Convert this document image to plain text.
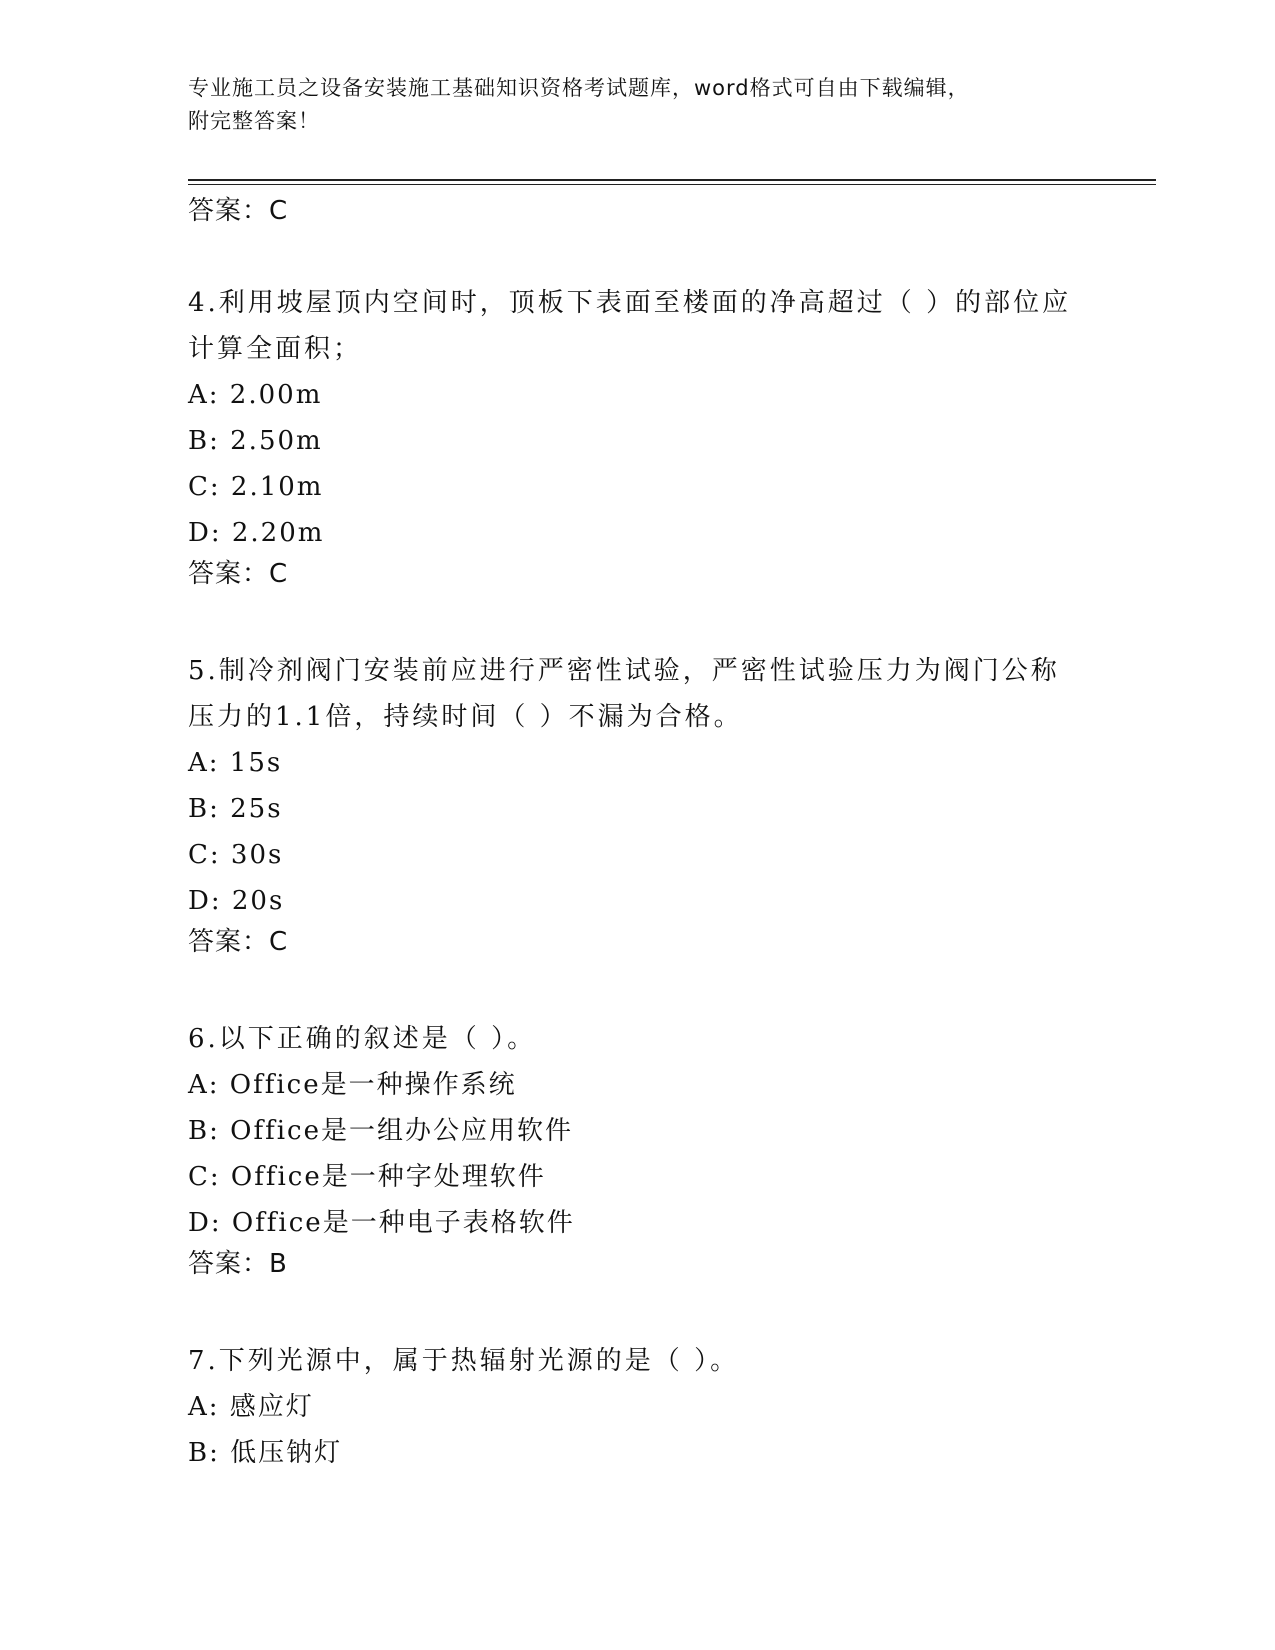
专业施工员之设备安装施工基础知识资格考试题库，word格式可自由下载编辑，
附完整答案！
答案：C
4.利用坡屋顶内空间时，顶板下表面至楼面的净高超过（ ）的部位应计算全面积；
A: 2.00m
B: 2.50m
C: 2.10m
D: 2.20m
答案：C
5.制冷剂阀门安装前应进行严密性试验，严密性试验压力为阀门公称压力的1.1倍，持续时间（ ）不漏为合格。
A: 15s
B: 25s
C: 30s
D: 20s
答案：C
6.以下正确的叙述是（ ）。
A: Office是一种操作系统
B: Office是一组办公应用软件
C: Office是一种字处理软件
D: Office是一种电子表格软件
答案：B
7.下列光源中，属于热辐射光源的是（ ）。
A: 感应灯
B: 低压钠灯
